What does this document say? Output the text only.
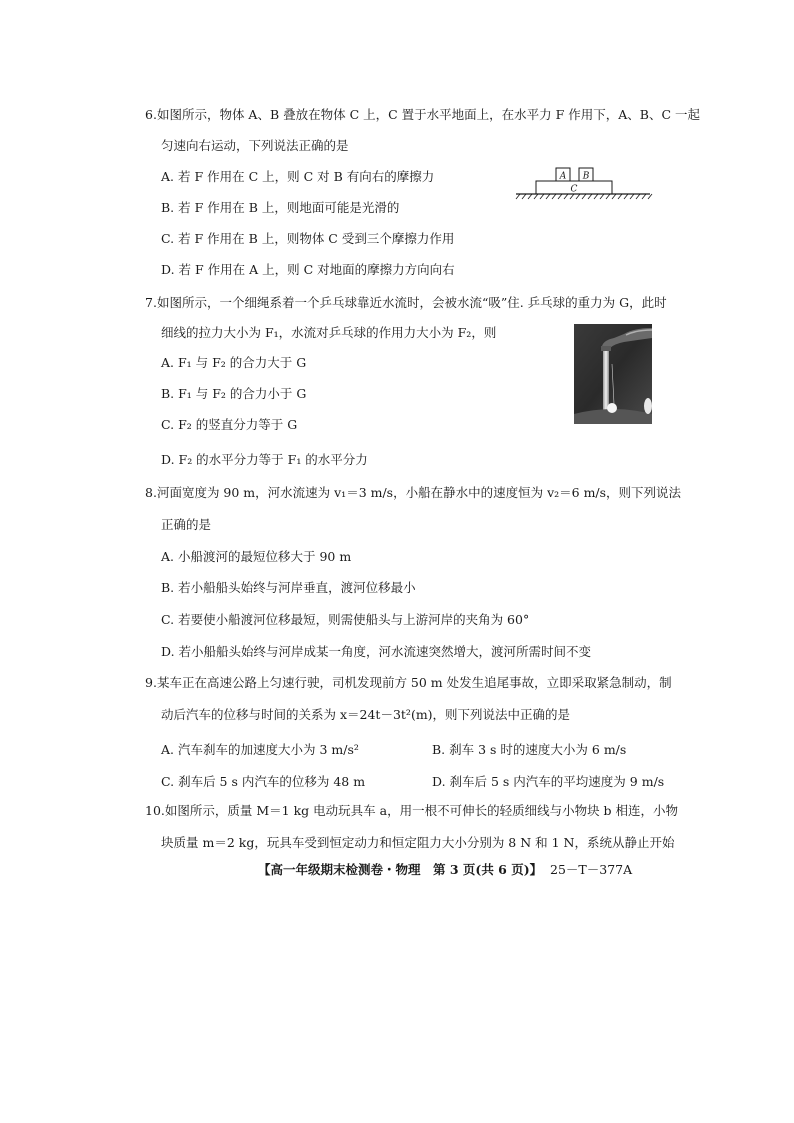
6.如图所示，物体 A、B 叠放在物体 C 上，C 置于水平地面上，在水平力 F 作用下，A、B、C 一起
匀速向右运动，下列说法正确的是
A. 若 F 作用在 C 上，则 C 对 B 有向右的摩擦力
B. 若 F 作用在 B 上，则地面可能是光滑的
C. 若 F 作用在 B 上，则物体 C 受到三个摩擦力作用
D. 若 F 作用在 A 上，则 C 对地面的摩擦力方向向右
A B
C
7.如图所示，一个细绳系着一个乒乓球靠近水流时，会被水流“吸”住. 乒乓球的重力为 G，此时
细线的拉力大小为 F₁，水流对乒乓球的作用力大小为 F₂，则
A. F₁ 与 F₂ 的合力大于 G
B. F₁ 与 F₂ 的合力小于 G
C. F₂ 的竖直分力等于 G
D. F₂ 的水平分力等于 F₁ 的水平分力
8.河面宽度为 90 m，河水流速为 v₁＝3 m/s，小船在静水中的速度恒为 v₂＝6 m/s，则下列说法
正确的是
A. 小船渡河的最短位移大于 90 m
B. 若小船船头始终与河岸垂直，渡河位移最小
C. 若要使小船渡河位移最短，则需使船头与上游河岸的夹角为 60°
D. 若小船船头始终与河岸成某一角度，河水流速突然增大，渡河所需时间不变
9.某车正在高速公路上匀速行驶，司机发现前方 50 m 处发生追尾事故，立即采取紧急制动，制
动后汽车的位移与时间的关系为 x＝24t－3t²(m)，则下列说法中正确的是
A. 汽车刹车的加速度大小为 3 m/s²	B. 刹车 3 s 时的速度大小为 6 m/s
C. 刹车后 5 s 内汽车的位移为 48 m	D. 刹车后 5 s 内汽车的平均速度为 9 m/s
10.如图所示，质量 M＝1 kg 电动玩具车 a，用一根不可伸长的轻质细线与小物块 b 相连，小物
块质量 m＝2 kg，玩具车受到恒定动力和恒定阻力大小分别为 8 N 和 1 N，系统从静止开始
【高一年级期末检测卷・物理　第 3 页(共 6 页)】 25－T－377A
